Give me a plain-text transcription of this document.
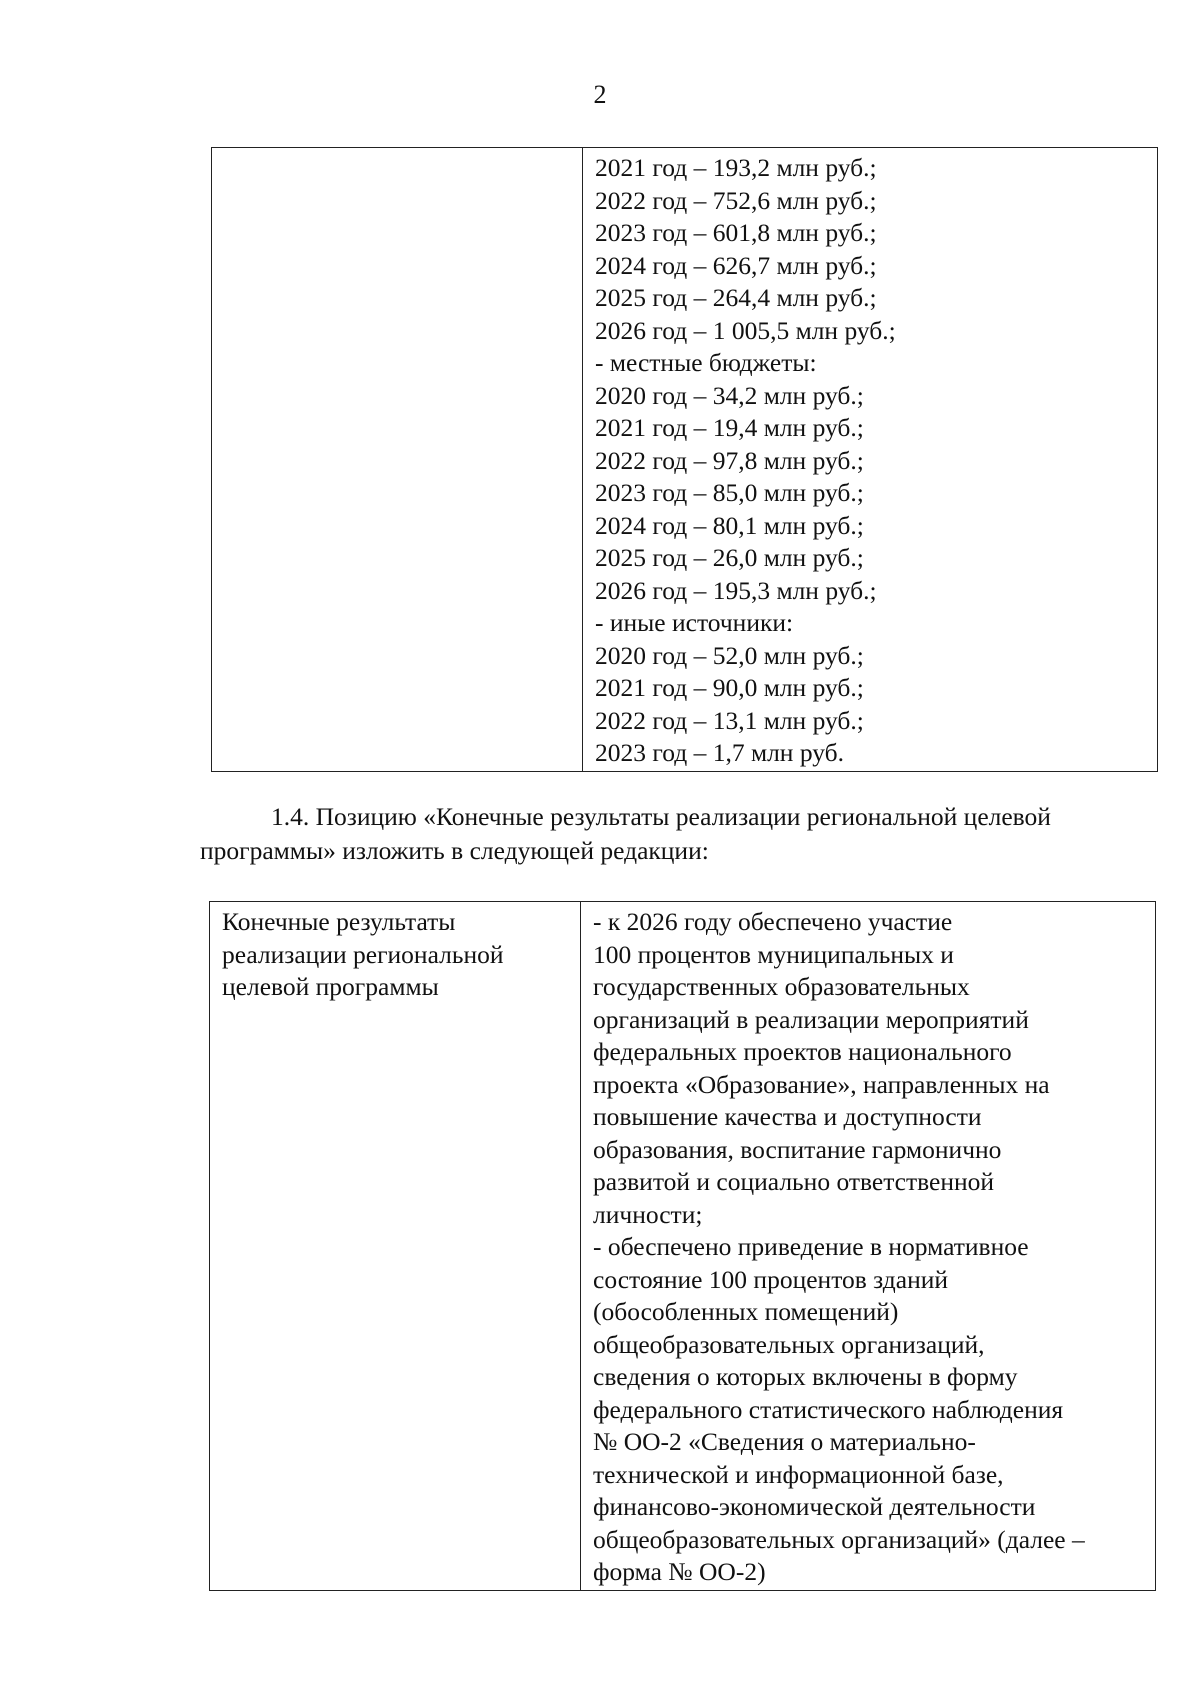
2

2021 год – 193,2 млн руб.;
2022 год – 752,6 млн руб.;
2023 год – 601,8 млн руб.;
2024 год – 626,7 млн руб.;
2025 год – 264,4 млн руб.;
2026 год – 1 005,5 млн руб.;
- местные бюджеты:
2020 год – 34,2 млн руб.;
2021 год – 19,4 млн руб.;
2022 год – 97,8 млн руб.;
2023 год – 85,0 млн руб.;
2024 год – 80,1 млн руб.;
2025 год – 26,0 млн руб.;
2026 год – 195,3 млн руб.;
- иные источники:
2020 год – 52,0 млн руб.;
2021 год – 90,0 млн руб.;
2022 год – 13,1 млн руб.;
2023 год – 1,7 млн руб.
1.4. Позицию «Конечные результаты реализации региональной целевой
программы» изложить в следующей редакции:
Конечные результаты
реализации региональной
целевой программы

- к 2026 году обеспечено участие
100 процентов муниципальных и
государственных образовательных
организаций в реализации мероприятий
федеральных проектов национального
проекта «Образование», направленных на
повышение качества и доступности
образования, воспитание гармонично
развитой и социально ответственной
личности;
- обеспечено приведение в нормативное
состояние 100 процентов зданий
(обособленных помещений)
общеобразовательных организаций,
сведения о которых включены в форму
федерального статистического наблюдения
№ ОО-2 «Сведения о материально-
технической и информационной базе,
финансово-экономической деятельности
общеобразовательных организаций» (далее –
форма № ОО-2)
